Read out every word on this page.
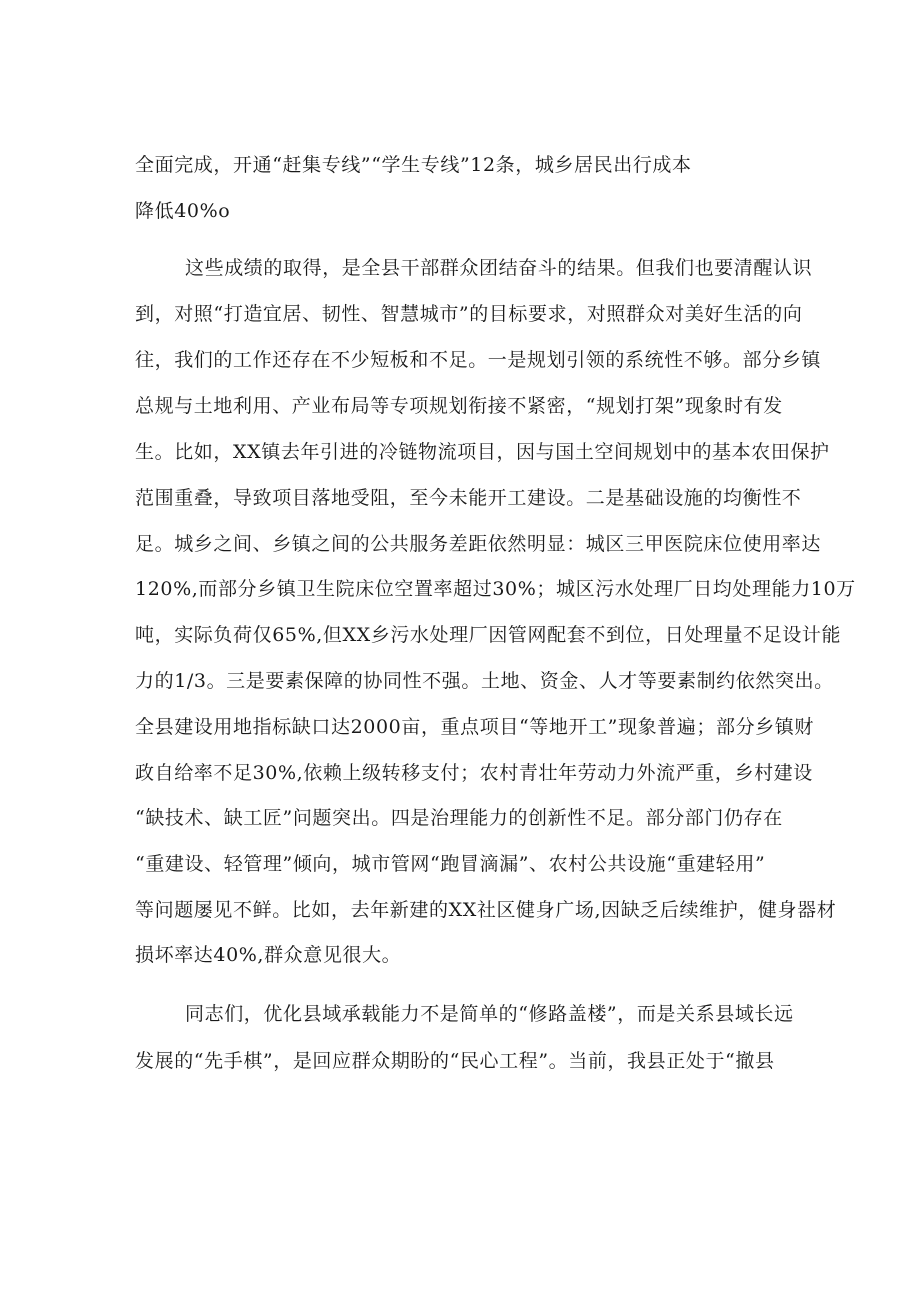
全面完成，开通“赶集专线”“学生专线”12条，城乡居民出行成本
降低40%o
这些成绩的取得，是全县干部群众团结奋斗的结果。但我们也要清醒认识
到，对照“打造宜居、韧性、智慧城市”的目标要求，对照群众对美好生活的向
往，我们的工作还存在不少短板和不足。一是规划引领的系统性不够。部分乡镇
总规与土地利用、产业布局等专项规划衔接不紧密，“规划打架”现象时有发
生。比如，XX镇去年引进的冷链物流项目，因与国土空间规划中的基本农田保护
范围重叠，导致项目落地受阻，至今未能开工建设。二是基础设施的均衡性不
足。城乡之间、乡镇之间的公共服务差距依然明显：城区三甲医院床位使用率达
120%,而部分乡镇卫生院床位空置率超过30%；城区污水处理厂日均处理能力10万
吨，实际负荷仅65%,但XX乡污水处理厂因管网配套不到位，日处理量不足设计能
力的1/3。三是要素保障的协同性不强。土地、资金、人才等要素制约依然突出。
全县建设用地指标缺口达2000亩，重点项目“等地开工”现象普遍；部分乡镇财
政自给率不足30%,依赖上级转移支付；农村青壮年劳动力外流严重，乡村建设
“缺技术、缺工匠”问题突出。四是治理能力的创新性不足。部分部门仍存在
“重建设、轻管理”倾向，城市管网“跑冒滴漏”、农村公共设施“重建轻用”
等问题屡见不鲜。比如，去年新建的XX社区健身广场,因缺乏后续维护，健身器材
损坏率达40%,群众意见很大。
同志们，优化县域承载能力不是简单的“修路盖楼”，而是关系县域长远
发展的“先手棋”，是回应群众期盼的“民心工程”。当前，我县正处于“撤县
